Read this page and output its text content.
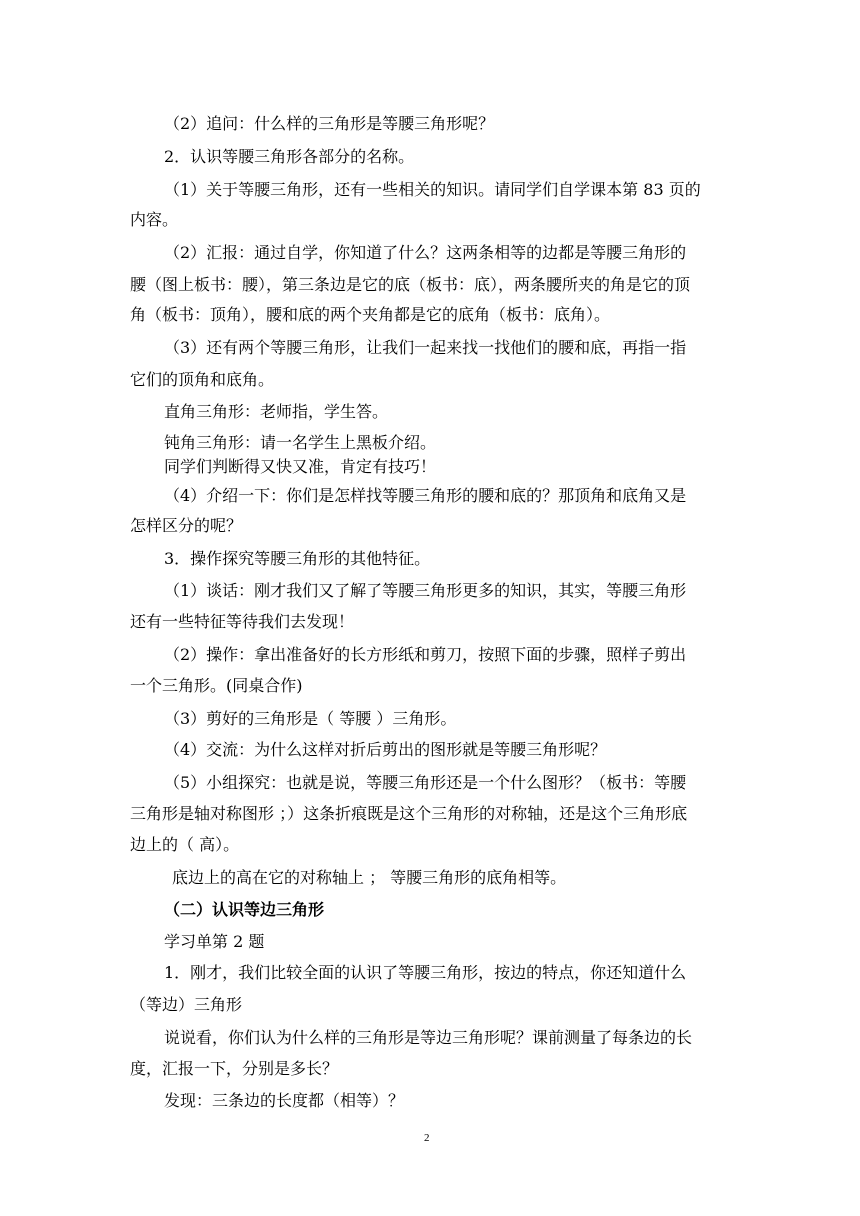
（2）追问：什么样的三角形是等腰三角形呢？

2．认识等腰三角形各部分的名称。

（1）关于等腰三角形，还有一些相关的知识。请同学们自学课本第 83 页的

内容。

（2）汇报：通过自学，你知道了什么？这两条相等的边都是等腰三角形的

腰（图上板书：腰），第三条边是它的底（板书：底），两条腰所夹的角是它的顶

角（板书：顶角），腰和底的两个夹角都是它的底角（板书：底角）。

（3）还有两个等腰三角形，让我们一起来找一找他们的腰和底，再指一指

它们的顶角和底角。

直角三角形：老师指，学生答。

钝角三角形：请一名学生上黑板介绍。

同学们判断得又快又准，肯定有技巧！

（4）介绍一下：你们是怎样找等腰三角形的腰和底的？那顶角和底角又是

怎样区分的呢？

3．操作探究等腰三角形的其他特征。

（1）谈话：刚才我们又了解了等腰三角形更多的知识，其实，等腰三角形

还有一些特征等待我们去发现！

（2）操作：拿出准备好的长方形纸和剪刀，按照下面的步骤，照样子剪出

一个三角形。(同桌合作)

（3）剪好的三角形是（ 等腰 ）三角形。

（4）交流：为什么这样对折后剪出的图形就是等腰三角形呢？

（5）小组探究：也就是说，等腰三角形还是一个什么图形？（板书：等腰

三角形是轴对称图形 ；）这条折痕既是这个三角形的对称轴，还是这个三角形底

边上的（ 高）。

底边上的高在它的对称轴上 ； 等腰三角形的底角相等。

（二）认识等边三角形

学习单第 2 题

1．刚才，我们比较全面的认识了等腰三角形，按边的特点，你还知道什么

（等边）三角形

说说看，你们认为什么样的三角形是等边三角形呢？课前测量了每条边的长

度，汇报一下，分别是多长？

发现：三条边的长度都（相等）？

2
